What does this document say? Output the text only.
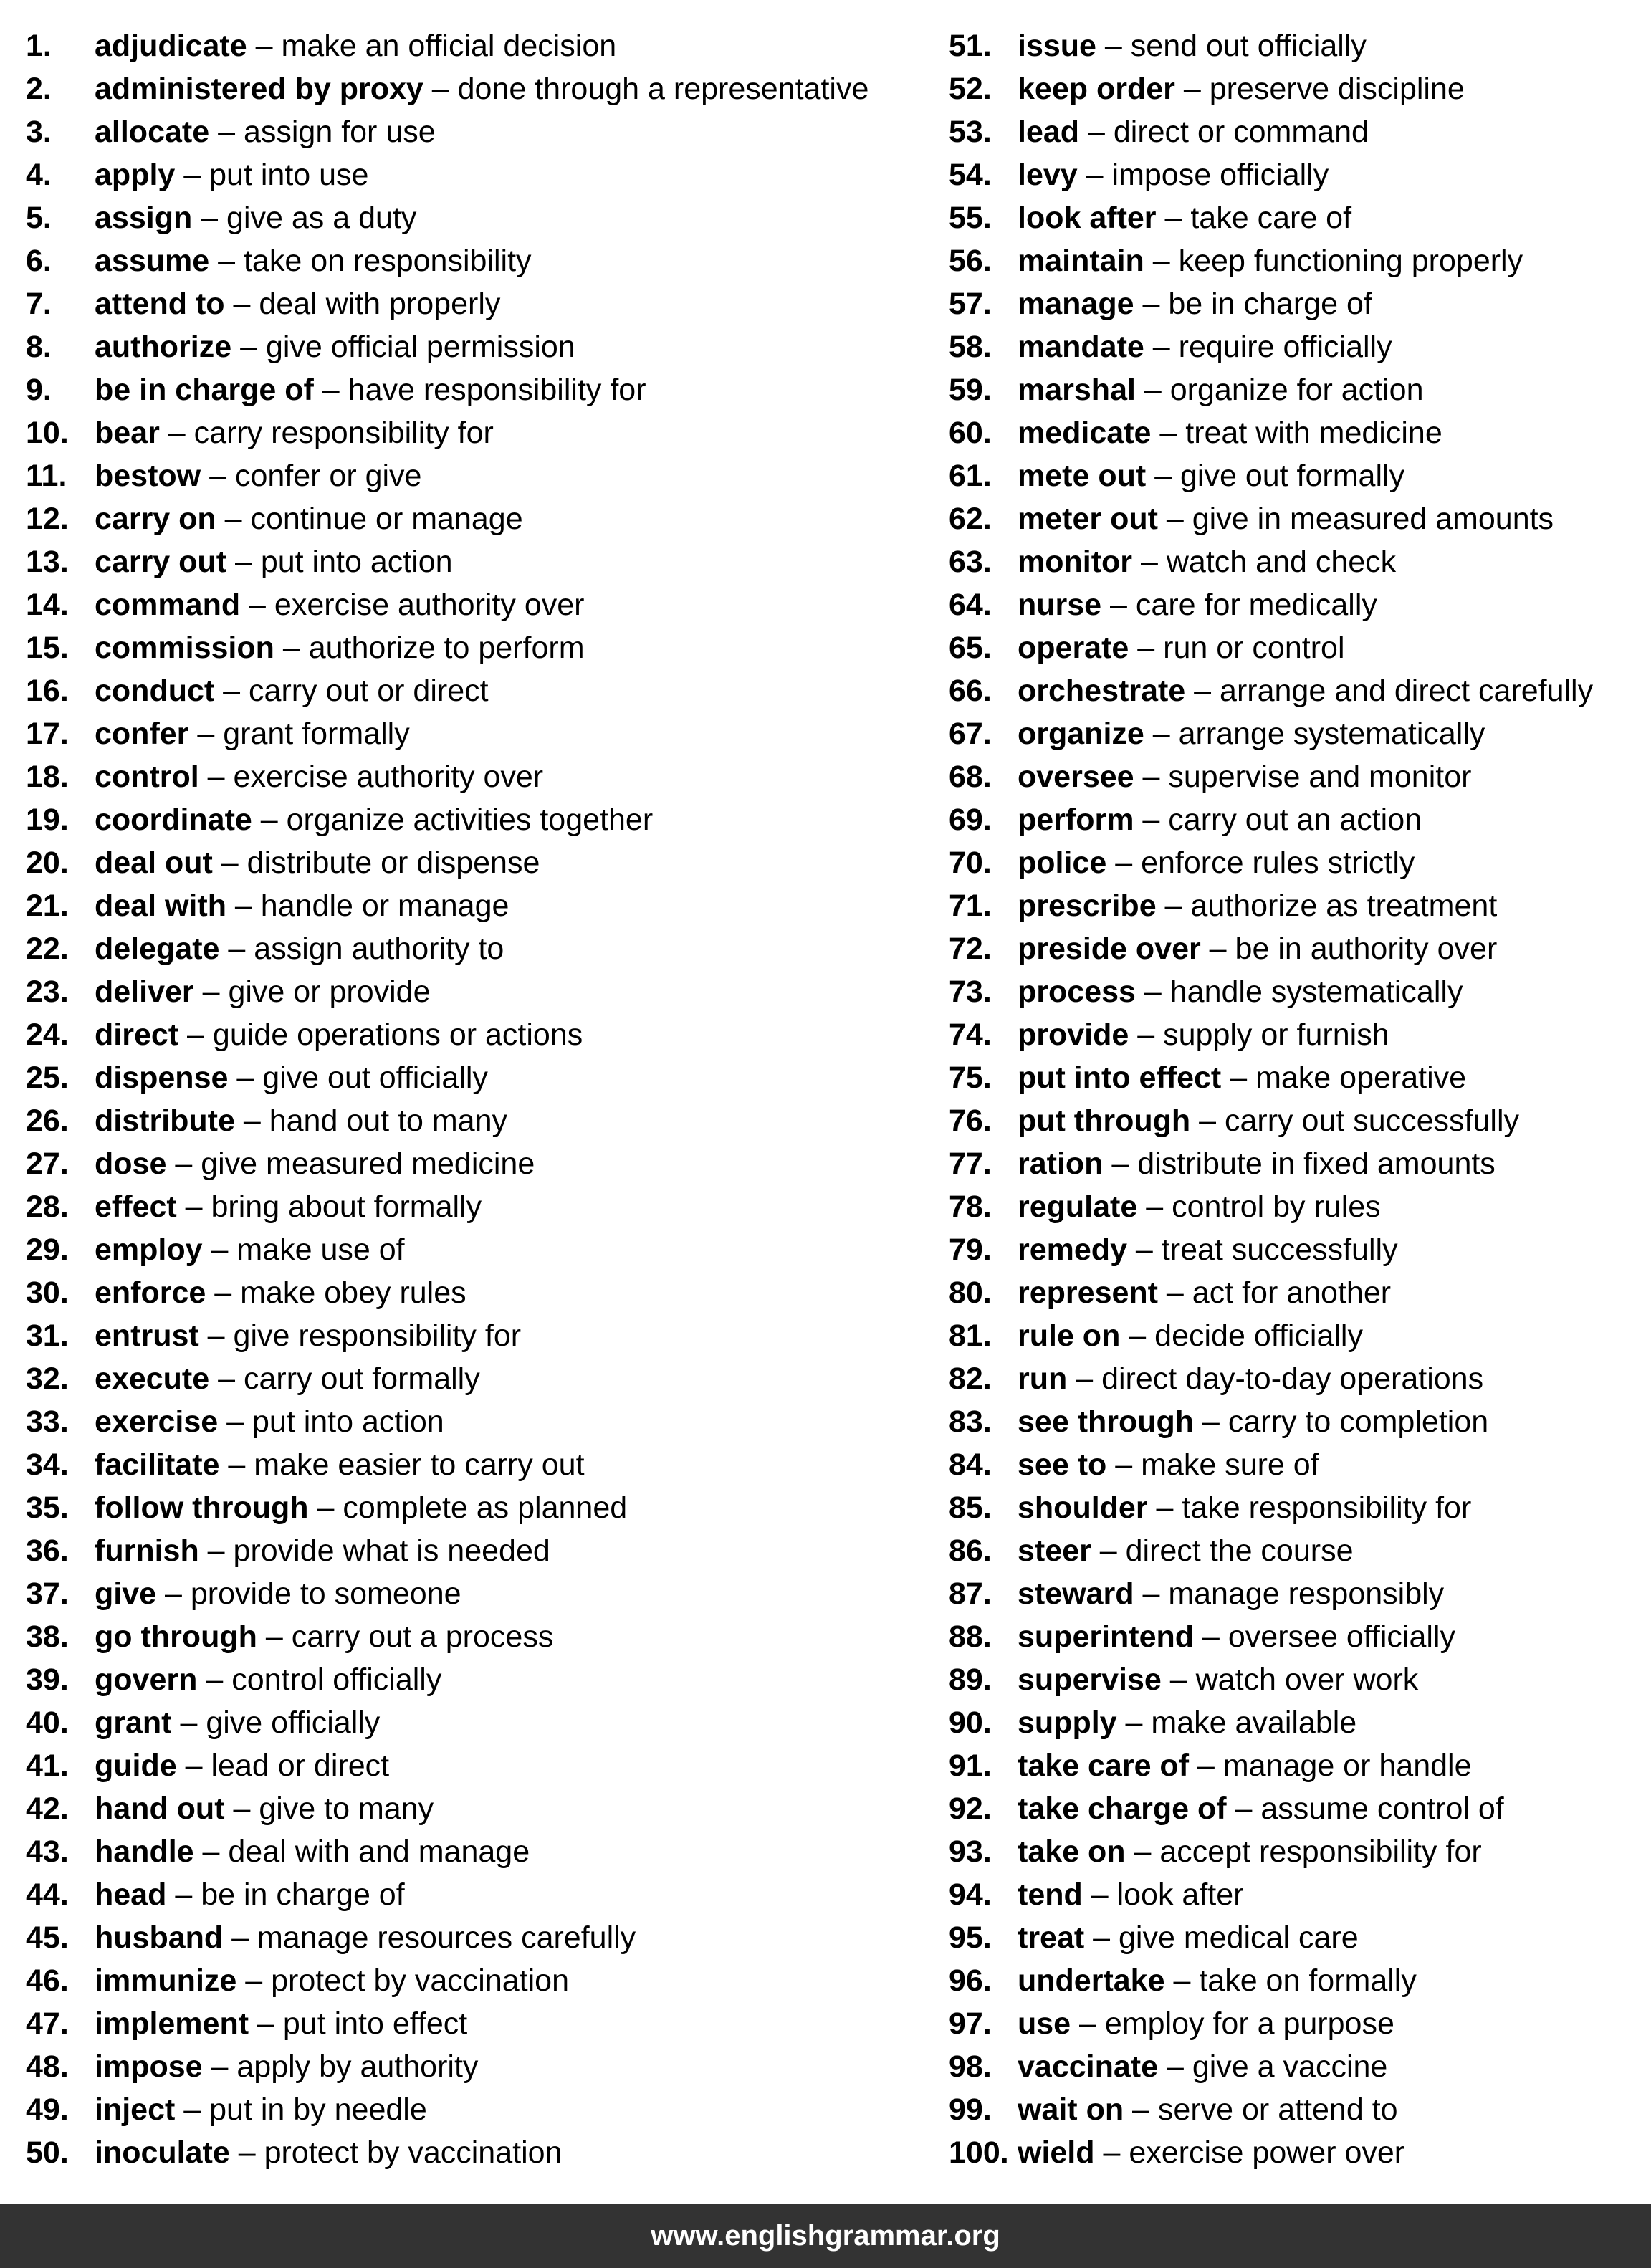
1.	adjudicate – make an official decision
2.	administered by proxy – done through a representative
3.	allocate – assign for use
4.	apply – put into use
5.	assign – give as a duty
6.	assume – take on responsibility
7.	attend to – deal with properly
8.	authorize – give official permission
9.	be in charge of – have responsibility for
10. bear – carry responsibility for
11. bestow – confer or give
12. carry on – continue or manage
13. carry out – put into action
14. command – exercise authority over
15. commission – authorize to perform
16. conduct – carry out or direct
17. confer – grant formally
18. control – exercise authority over
19. coordinate – organize activities together
20. deal out – distribute or dispense
21. deal with – handle or manage
22. delegate – assign authority to
23. deliver – give or provide
24. direct – guide operations or actions
25. dispense – give out officially
26. distribute – hand out to many
27. dose – give measured medicine
28. effect – bring about formally
29. employ – make use of
30. enforce – make obey rules
31. entrust – give responsibility for
32. execute – carry out formally
33. exercise – put into action
34. facilitate – make easier to carry out
35. follow through – complete as planned
36. furnish – provide what is needed
37. give – provide to someone
38. go through – carry out a process
39. govern – control officially
40. grant – give officially
41. guide – lead or direct
42. hand out – give to many
43. handle – deal with and manage
44. head – be in charge of
45. husband – manage resources carefully
46. immunize – protect by vaccination
47. implement – put into effect
48. impose – apply by authority
49. inject – put in by needle
50. inoculate – protect by vaccination
51. issue – send out officially
52. keep order – preserve discipline
53. lead – direct or command
54. levy – impose officially
55. look after – take care of
56. maintain – keep functioning properly
57. manage – be in charge of
58. mandate – require officially
59. marshal – organize for action
60. medicate – treat with medicine
61. mete out – give out formally
62. meter out – give in measured amounts
63. monitor – watch and check
64. nurse – care for medically
65. operate – run or control
66. orchestrate – arrange and direct carefully
67. organize – arrange systematically
68. oversee – supervise and monitor
69. perform – carry out an action
70. police – enforce rules strictly
71. prescribe – authorize as treatment
72. preside over – be in authority over
73. process – handle systematically
74. provide – supply or furnish
75. put into effect – make operative
76. put through – carry out successfully
77. ration – distribute in fixed amounts
78. regulate – control by rules
79. remedy – treat successfully
80. represent – act for another
81. rule on – decide officially
82. run – direct day-to-day operations
83. see through – carry to completion
84. see to – make sure of
85. shoulder – take responsibility for
86. steer – direct the course
87. steward – manage responsibly
88. superintend – oversee officially
89. supervise – watch over work
90. supply – make available
91. take care of – manage or handle
92. take charge of – assume control of
93. take on – accept responsibility for
94. tend – look after
95. treat – give medical care
96. undertake – take on formally
97. use – employ for a purpose
98. vaccinate – give a vaccine
99. wait on – serve or attend to
100. wield – exercise power over
www.englishgrammar.org
